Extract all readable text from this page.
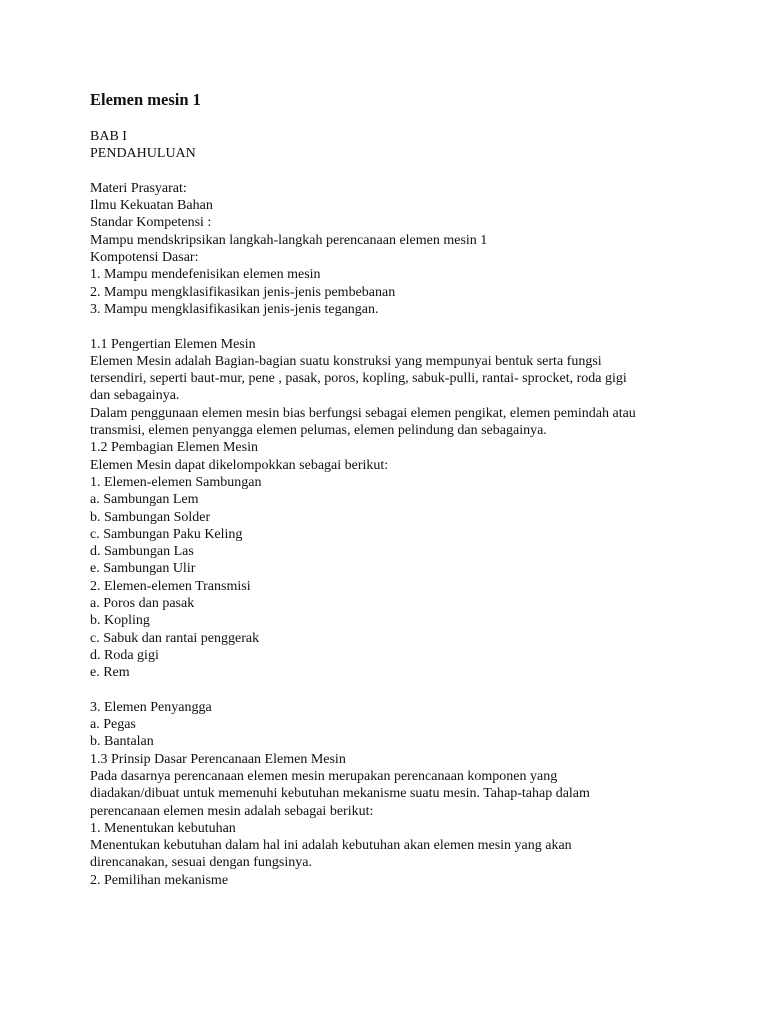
Elemen mesin 1

BAB I

PENDAHULUAN

Materi Prasyarat:

Ilmu Kekuatan Bahan

Standar Kompetensi :

Mampu mendskripsikan langkah-langkah perencanaan elemen mesin 1

Kompotensi Dasar:

1. Mampu mendefenisikan elemen mesin

2. Mampu mengklasifikasikan jenis-jenis pembebanan

3. Mampu mengklasifikasikan jenis-jenis tegangan.

1.1 Pengertian Elemen Mesin

Elemen Mesin adalah Bagian-bagian suatu konstruksi yang mempunyai bentuk serta fungsi

tersendiri, seperti baut-mur, pene , pasak, poros, kopling, sabuk-pulli, rantai- sprocket, roda gigi

dan sebagainya.

Dalam penggunaan elemen mesin bias berfungsi sebagai elemen pengikat, elemen pemindah atau

transmisi, elemen penyangga elemen pelumas, elemen pelindung dan sebagainya.

1.2 Pembagian Elemen Mesin

Elemen Mesin dapat dikelompokkan sebagai berikut:

1. Elemen-elemen Sambungan

a. Sambungan Lem

b. Sambungan Solder

c. Sambungan Paku Keling

d. Sambungan Las

e. Sambungan Ulir

2. Elemen-elemen Transmisi

a. Poros dan pasak

b. Kopling

c. Sabuk dan rantai penggerak

d. Roda gigi

e. Rem

3. Elemen Penyangga

a. Pegas

b. Bantalan

1.3 Prinsip Dasar Perencanaan Elemen Mesin

Pada dasarnya perencanaan elemen mesin merupakan perencanaan komponen yang

diadakan/dibuat untuk memenuhi kebutuhan mekanisme suatu mesin. Tahap-tahap dalam

perencanaan elemen mesin adalah sebagai berikut:

1. Menentukan kebutuhan

Menentukan kebutuhan dalam hal ini adalah kebutuhan akan elemen mesin yang akan

direncanakan, sesuai dengan fungsinya.

2. Pemilihan mekanisme
